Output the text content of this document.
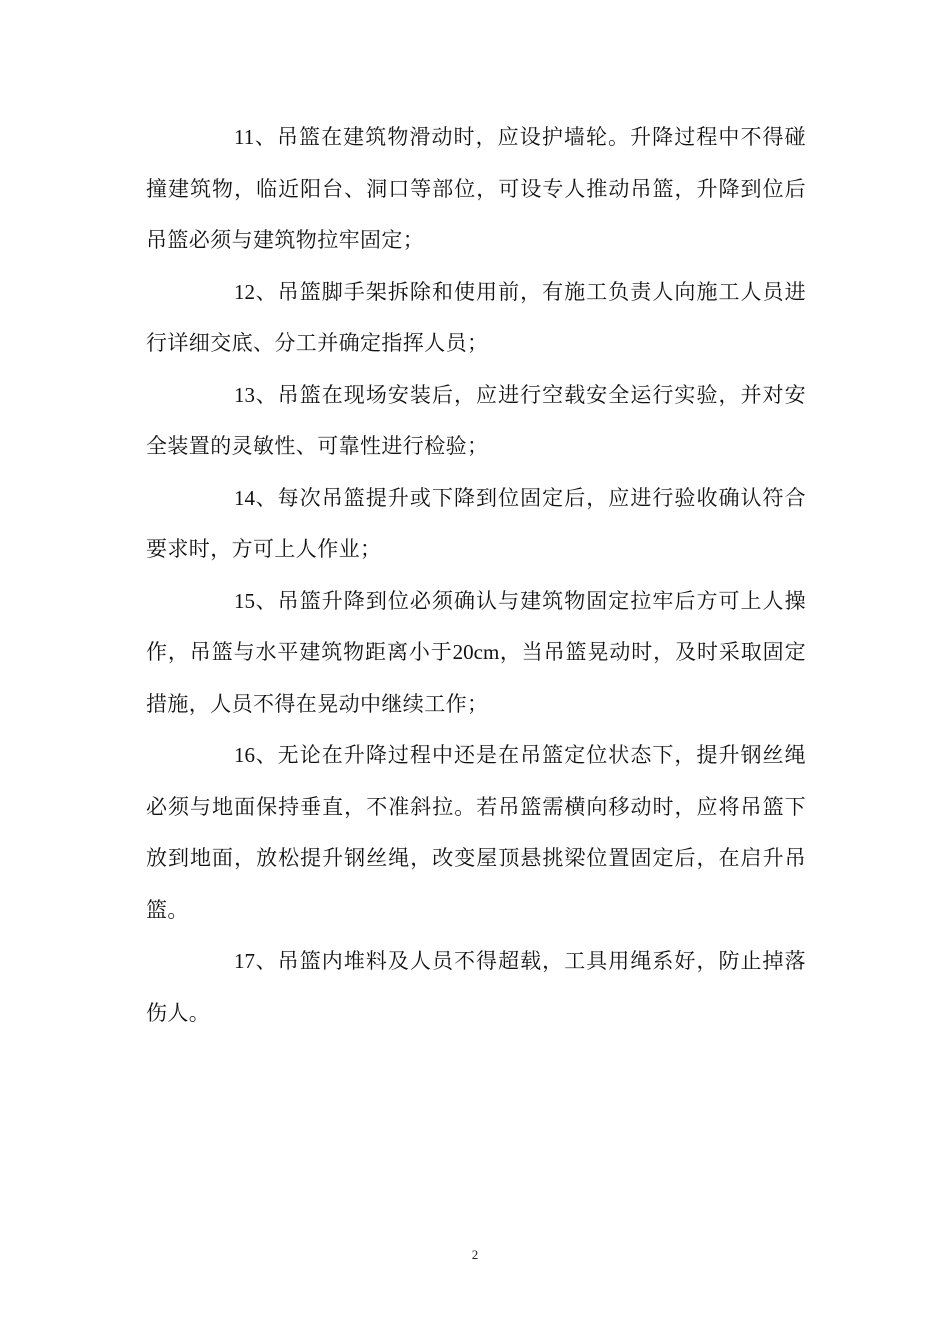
11、吊篮在建筑物滑动时，应设护墙轮。升降过程中不得碰撞建筑物，临近阳台、洞口等部位，可设专人推动吊篮，升降到位后吊篮必须与建筑物拉牢固定；

12、吊篮脚手架拆除和使用前，有施工负责人向施工人员进行详细交底、分工并确定指挥人员；

13、吊篮在现场安装后，应进行空载安全运行实验，并对安全装置的灵敏性、可靠性进行检验；

14、每次吊篮提升或下降到位固定后，应进行验收确认符合要求时，方可上人作业；

15、吊篮升降到位必须确认与建筑物固定拉牢后方可上人操作，吊篮与水平建筑物距离小于20cm，当吊篮晃动时，及时采取固定措施，人员不得在晃动中继续工作；

16、无论在升降过程中还是在吊篮定位状态下，提升钢丝绳必须与地面保持垂直，不准斜拉。若吊篮需横向移动时，应将吊篮下放到地面，放松提升钢丝绳，改变屋顶悬挑梁位置固定后，在启升吊篮。

17、吊篮内堆料及人员不得超载，工具用绳系好，防止掉落伤人。

2
